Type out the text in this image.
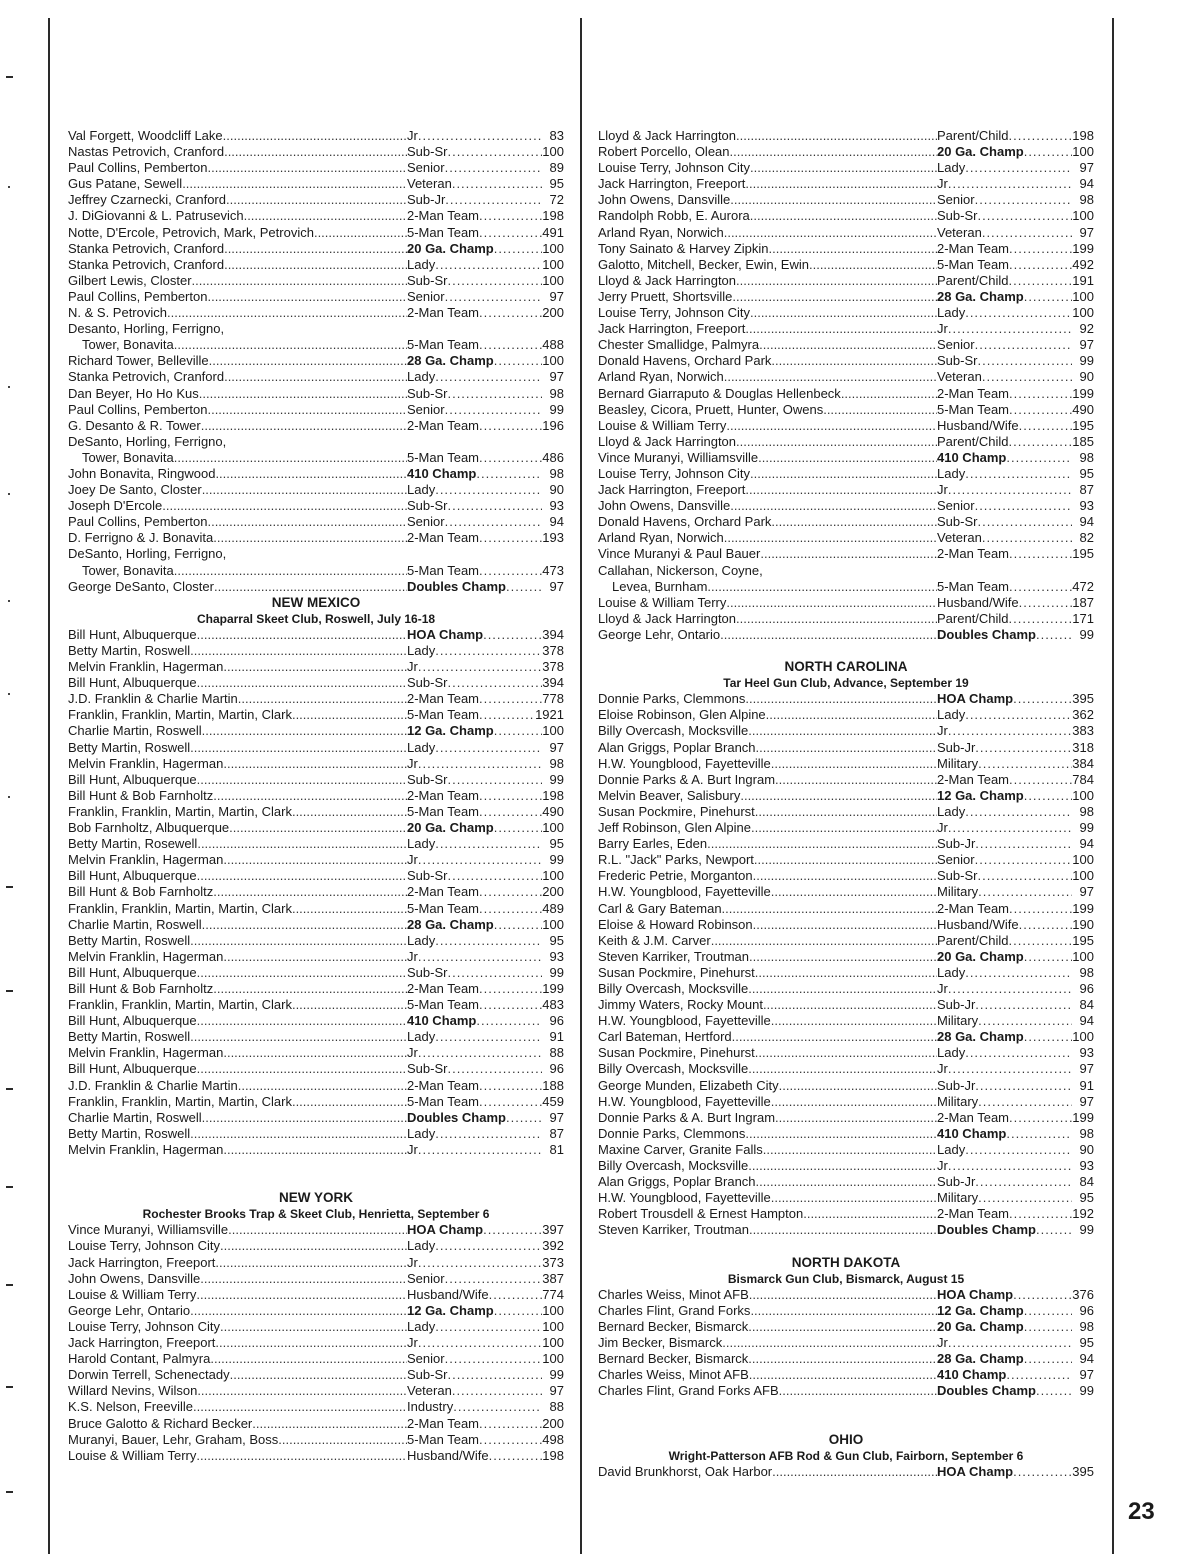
Val Forgett, Woodcliff Lake .....	Jr .....	83
Nastas Petrovich, Cranford .....	Sub-Sr .....	100
Paul Collins, Pemberton .....	Senior .....	89
Gus Patane, Sewell .....	Veteran .....	95
Jeffrey Czarnecki, Cranford .....	Sub-Jr .....	72
J. DiGiovanni & L. Patrusevich .....	2-Man Team .....	198
Notte, D'Ercole, Petrovich, Mark, Petrovich .....	5-Man Team .....	491
Stanka Petrovich, Cranford .....	20 Ga. Champ .....	100
Stanka Petrovich, Cranford .....	Lady .....	100
Gilbert Lewis, Closter .....	Sub-Sr .....	100
Paul Collins, Pemberton .....	Senior .....	97
N. & S. Petrovich .....	2-Man Team .....	200
Desanto, Horling, Ferrigno,
Tower, Bonavita .....	5-Man Team .....	488
Richard Tower, Belleville .....	28 Ga. Champ .....	100
Stanka Petrovich, Cranford .....	Lady .....	97
Dan Beyer, Ho Ho Kus .....	Sub-Sr .....	98
Paul Collins, Pemberton .....	Senior .....	99
G. Desanto & R. Tower .....	2-Man Team .....	196
DeSanto, Horling, Ferrigno,
Tower, Bonavita .....	5-Man Team .....	486
John Bonavita, Ringwood .....	410 Champ .....	98
Joey De Santo, Closter .....	Lady .....	90
Joseph D'Ercole .....	Sub-Sr .....	93
Paul Collins, Pemberton .....	Senior .....	94
D. Ferrigno & J. Bonavita .....	2-Man Team .....	193
DeSanto, Horling, Ferrigno,
Tower, Bonavita .....	5-Man Team .....	473
George DeSanto, Closter .....	Doubles Champ .....	97
NEW MEXICO
Chaparral Skeet Club, Roswell, July 16-18
Bill Hunt, Albuquerque .....	HOA Champ .....	394
Betty Martin, Roswell .....	Lady .....	378
Melvin Franklin, Hagerman .....	Jr .....	378
Bill Hunt, Albuquerque .....	Sub-Sr .....	394
J.D. Franklin & Charlie Martin .....	2-Man Team .....	778
Franklin, Franklin, Martin, Martin, Clark .....	5-Man Team .....	1921
Charlie Martin, Roswell .....	12 Ga. Champ .....	100
Betty Martin, Roswell .....	Lady .....	97
Melvin Franklin, Hagerman .....	Jr .....	98
Bill Hunt, Albuquerque .....	Sub-Sr .....	99
Bill Hunt & Bob Farnholtz .....	2-Man Team .....	198
Franklin, Franklin, Martin, Martin, Clark .....	5-Man Team .....	490
Bob Farnholtz, Albuquerque .....	20 Ga. Champ .....	100
Betty Martin, Rosewell .....	Lady .....	95
Melvin Franklin, Hagerman .....	Jr .....	99
Bill Hunt, Albuquerque .....	Sub-Sr .....	100
Bill Hunt & Bob Farnholtz .....	2-Man Team .....	200
Franklin, Franklin, Martin, Martin, Clark .....	5-Man Team .....	489
Charlie Martin, Roswell .....	28 Ga. Champ .....	100
Betty Martin, Roswell .....	Lady .....	95
Melvin Franklin, Hagerman .....	Jr .....	93
Bill Hunt, Albuquerque .....	Sub-Sr .....	99
Bill Hunt & Bob Farnholtz .....	2-Man Team .....	199
Franklin, Franklin, Martin, Martin, Clark .....	5-Man Team .....	483
Bill Hunt, Albuquerque .....	410 Champ .....	96
Betty Martin, Roswell .....	Lady .....	91
Melvin Franklin, Hagerman .....	Jr .....	88
Bill Hunt, Albuquerque .....	Sub-Sr .....	96
J.D. Franklin & Charlie Martin .....	2-Man Team .....	188
Franklin, Franklin, Martin, Martin, Clark .....	5-Man Team .....	459
Charlie Martin, Roswell .....	Doubles Champ .....	97
Betty Martin, Roswell .....	Lady .....	87
Melvin Franklin, Hagerman .....	Jr .....	81
NEW YORK
Rochester Brooks Trap & Skeet Club, Henrietta, September 6
Vince Muranyi, Williamsville .....	HOA Champ .....	397
Louise Terry, Johnson City .....	Lady .....	392
Jack Harrington, Freeport .....	Jr .....	373
John Owens, Dansville .....	Senior .....	387
Louise & William Terry .....	Husband/Wife .....	774
George Lehr, Ontario .....	12 Ga. Champ .....	100
Louise Terry, Johnson City .....	Lady .....	100
Jack Harrington, Freeport .....	Jr .....	100
Harold Contant, Palmyra .....	Senior .....	100
Dorwin Terrell, Schenectady .....	Sub-Sr .....	99
Willard Nevins, Wilson .....	Veteran .....	97
K.S. Nelson, Freeville .....	Industry .....	88
Bruce Galotto & Richard Becker .....	2-Man Team .....	200
Muranyi, Bauer, Lehr, Graham, Boss .....	5-Man Team .....	498
Louise & William Terry .....	Husband/Wife .....	198
Lloyd & Jack Harrington .....	Parent/Child .....	198
Robert Porcello, Olean .....	20 Ga. Champ .....	100
Louise Terry, Johnson City .....	Lady .....	97
Jack Harrington, Freeport .....	Jr .....	94
John Owens, Dansville .....	Senior .....	98
Randolph Robb, E. Aurora .....	Sub-Sr .....	100
Arland Ryan, Norwich .....	Veteran .....	97
Tony Sainato & Harvey Zipkin .....	2-Man Team .....	199
Galotto, Mitchell, Becker, Ewin, Ewin .....	5-Man Team .....	492
Lloyd & Jack Harrington .....	Parent/Child .....	191
Jerry Pruett, Shortsville .....	28 Ga. Champ .....	100
Louise Terry, Johnson City .....	Lady .....	100
Jack Harrington, Freeport .....	Jr .....	92
Chester Smallidge, Palmyra .....	Senior .....	97
Donald Havens, Orchard Park .....	Sub-Sr .....	99
Arland Ryan, Norwich .....	Veteran .....	90
Bernard Giarraputo & Douglas Hellenbeck .....	2-Man Team .....	199
Beasley, Cicora, Pruett, Hunter, Owens .....	5-Man Team .....	490
Louise & William Terry .....	Husband/Wife .....	195
Lloyd & Jack Harrington .....	Parent/Child .....	185
Vince Muranyi, Williamsville .....	410 Champ .....	98
Louise Terry, Johnson City .....	Lady .....	95
Jack Harrington, Freeport .....	Jr .....	87
John Owens, Dansville .....	Senior .....	93
Donald Havens, Orchard Park .....	Sub-Sr .....	94
Arland Ryan, Norwich .....	Veteran .....	82
Vince Muranyi & Paul Bauer .....	2-Man Team .....	195
Callahan, Nickerson, Coyne,
Levea, Burnham .....	5-Man Team .....	472
Louise & William Terry .....	Husband/Wife .....	187
Lloyd & Jack Harrington .....	Parent/Child .....	171
George Lehr, Ontario .....	Doubles Champ .....	99
NORTH CAROLINA
Tar Heel Gun Club, Advance, September 19
Donnie Parks, Clemmons .....	HOA Champ .....	395
Eloise Robinson, Glen Alpine .....	Lady .....	362
Billy Overcash, Mocksville .....	Jr .....	383
Alan Griggs, Poplar Branch .....	Sub-Jr .....	318
H.W. Youngblood, Fayetteville .....	Military .....	384
Donnie Parks & A. Burt Ingram .....	2-Man Team .....	784
Melvin Beaver, Salisbury .....	12 Ga. Champ .....	100
Susan Pockmire, Pinehurst .....	Lady .....	98
Jeff Robinson, Glen Alpine .....	Jr .....	99
Barry Earles, Eden .....	Sub-Jr .....	94
R.L. "Jack" Parks, Newport .....	Senior .....	100
Frederic Petrie, Morganton .....	Sub-Sr .....	100
H.W. Youngblood, Fayetteville .....	Military .....	97
Carl & Gary Bateman .....	2-Man Team .....	199
Eloise & Howard Robinson .....	Husband/Wife .....	190
Keith & J.M. Carver .....	Parent/Child .....	195
Steven Karriker, Troutman .....	20 Ga. Champ .....	100
Susan Pockmire, Pinehurst .....	Lady .....	98
Billy Overcash, Mocksville .....	Jr .....	96
Jimmy Waters, Rocky Mount .....	Sub-Jr .....	84
H.W. Youngblood, Fayetteville .....	Military .....	94
Carl Bateman, Hertford .....	28 Ga. Champ .....	100
Susan Pockmire, Pinehurst .....	Lady .....	93
Billy Overcash, Mocksville .....	Jr .....	97
George Munden, Elizabeth City .....	Sub-Jr .....	91
H.W. Youngblood, Fayetteville .....	Military .....	97
Donnie Parks & A. Burt Ingram .....	2-Man Team .....	199
Donnie Parks, Clemmons .....	410 Champ .....	98
Maxine Carver, Granite Falls .....	Lady .....	90
Billy Overcash, Mocksville .....	Jr .....	93
Alan Griggs, Poplar Branch .....	Sub-Jr .....	84
H.W. Youngblood, Fayetteville .....	Military .....	95
Robert Trousdell & Ernest Hampton .....	2-Man Team .....	192
Steven Karriker, Troutman .....	Doubles Champ .....	99
NORTH DAKOTA
Bismarck Gun Club, Bismarck, August 15
Charles Weiss, Minot AFB .....	HOA Champ .....	376
Charles Flint, Grand Forks .....	12 Ga. Champ .....	96
Bernard Becker, Bismarck .....	20 Ga. Champ .....	98
Jim Becker, Bismarck .....	Jr .....	95
Bernard Becker, Bismarck .....	28 Ga. Champ .....	94
Charles Weiss, Minot AFB .....	410 Champ .....	97
Charles Flint, Grand Forks AFB .....	Doubles Champ .....	99
OHIO
Wright-Patterson AFB Rod & Gun Club, Fairborn, September 6
David Brunkhorst, Oak Harbor .....	HOA Champ .....	395
23
